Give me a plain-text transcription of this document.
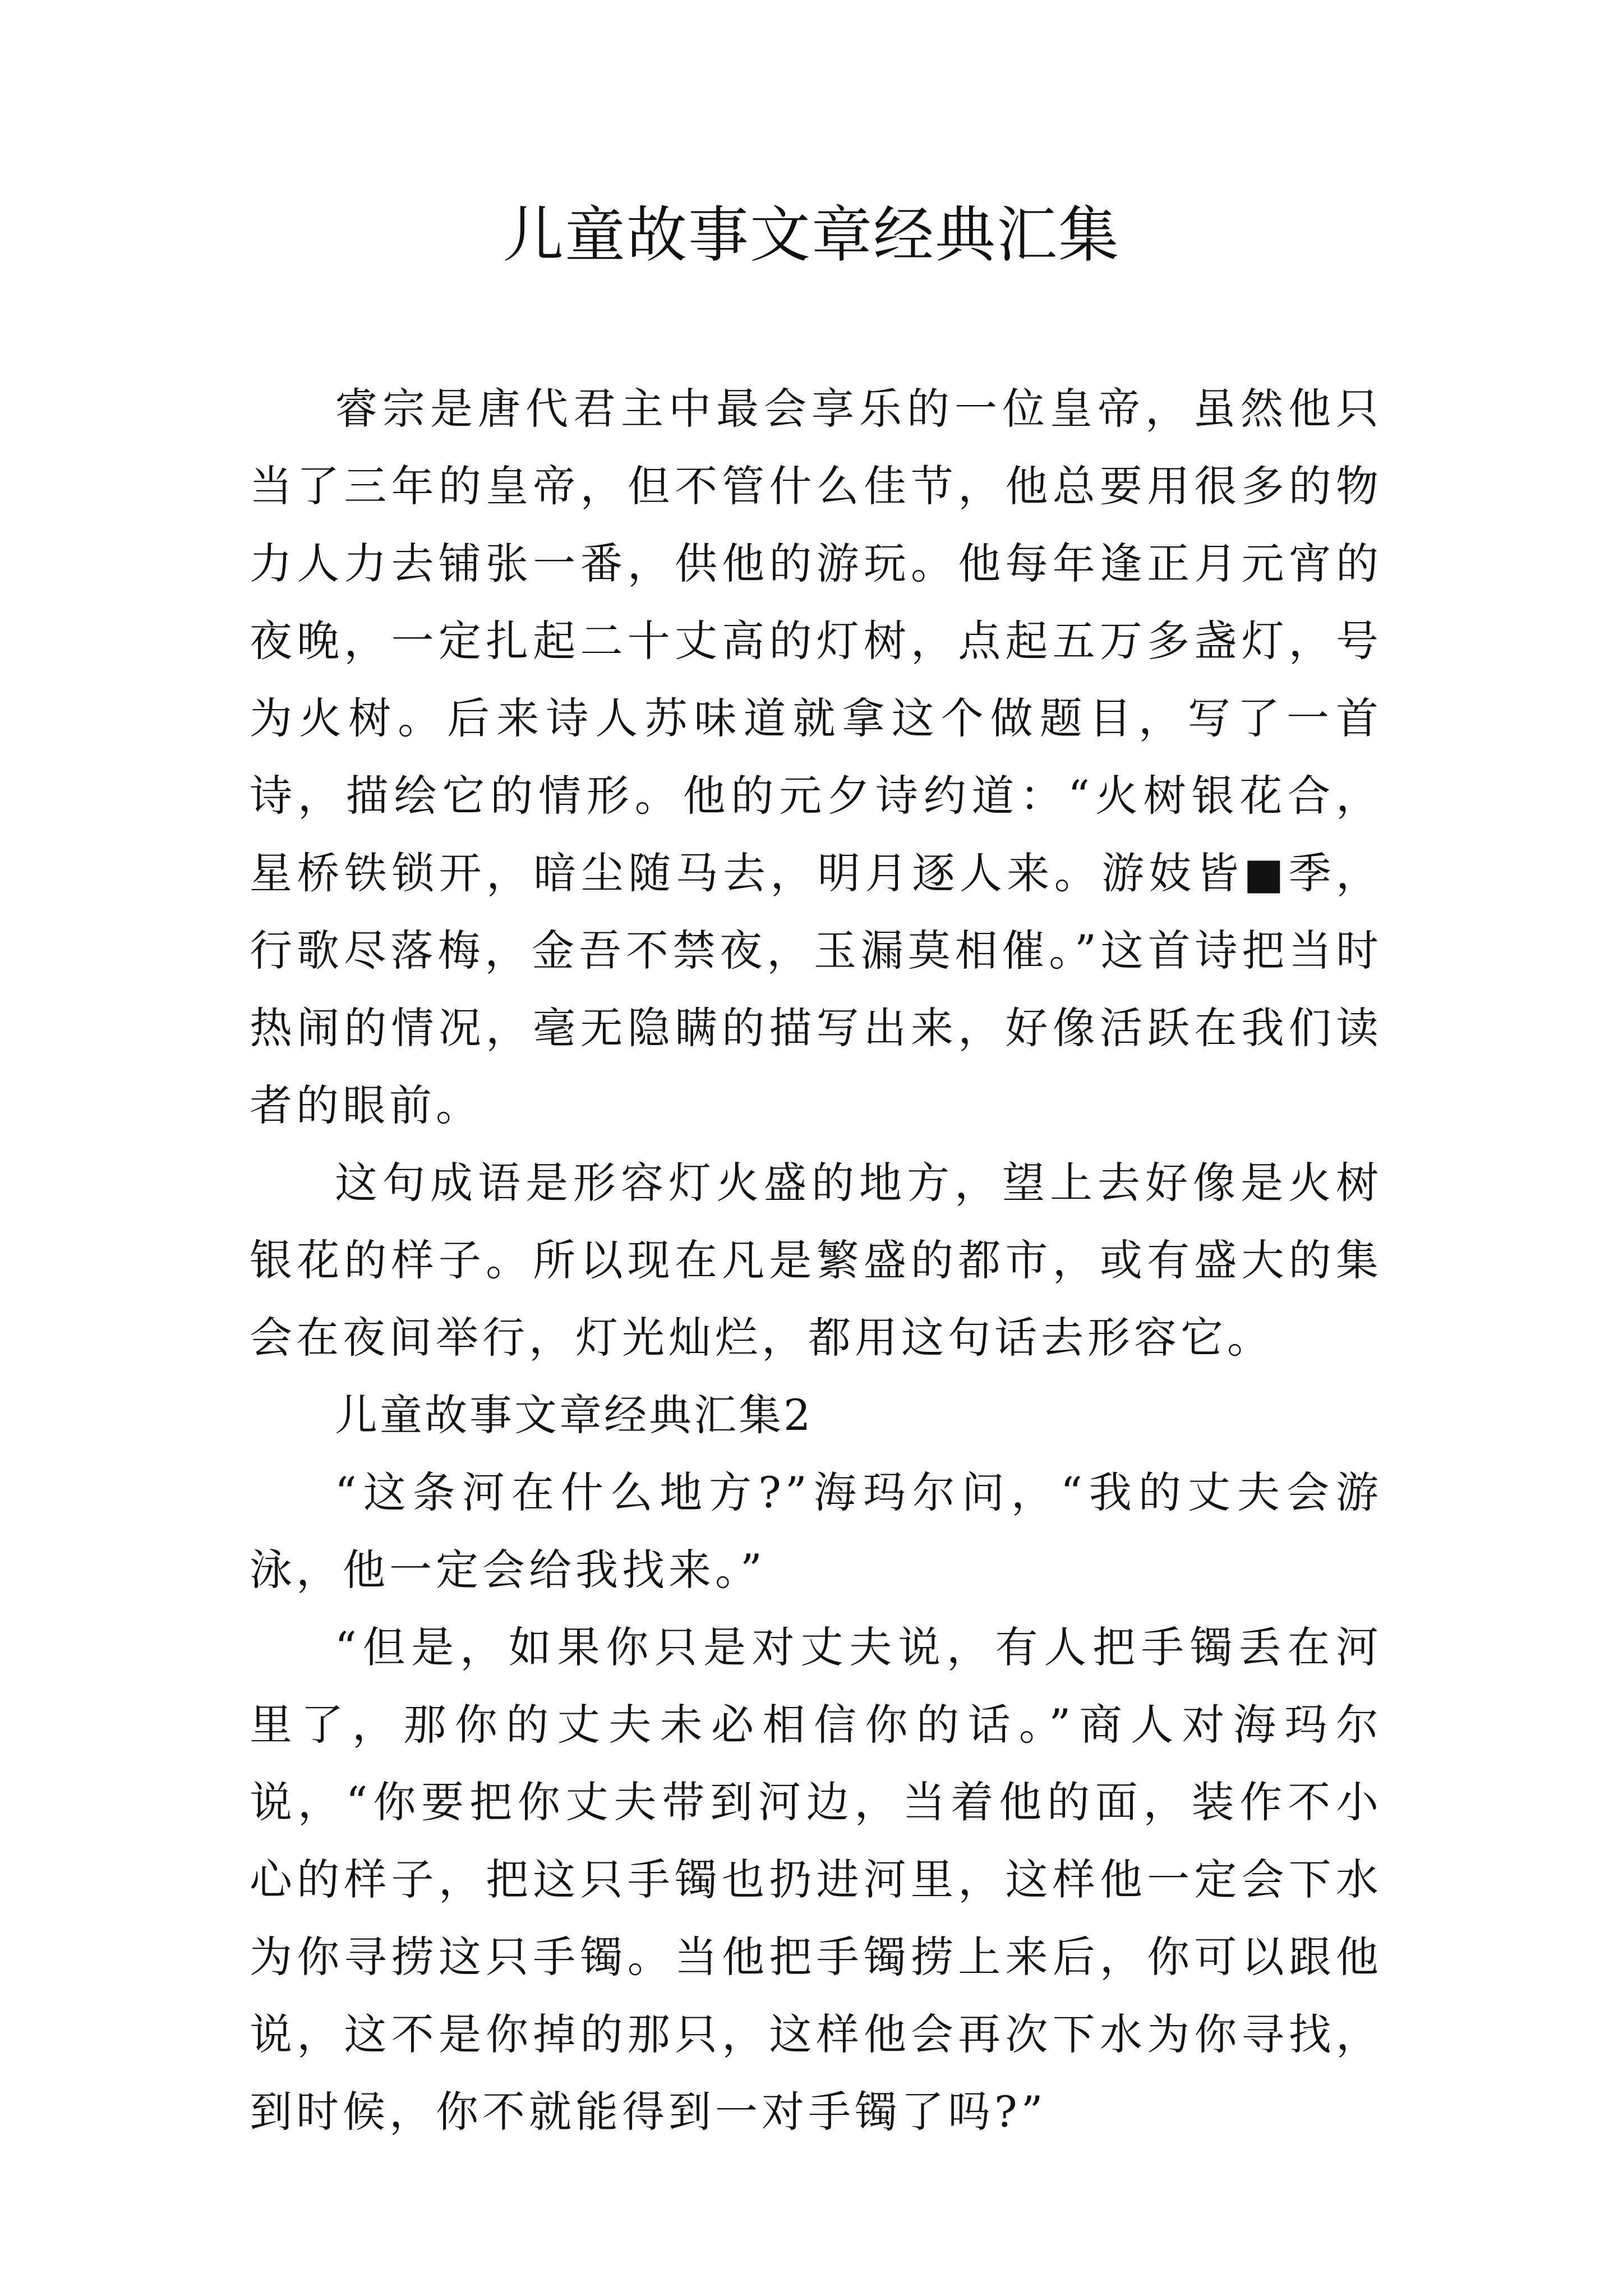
儿童故事文章经典汇集

睿宗是唐代君主中最会享乐的一位皇帝，虽然他只当了三年的皇帝，但不管什么佳节，他总要用很多的物力人力去铺张一番，供他的游玩。他每年逢正月元宵的夜晚，一定扎起二十丈高的灯树，点起五万多盏灯，号为火树。后来诗人苏味道就拿这个做题目，写了一首诗，描绘它的情形。他的元夕诗约道：“火树银花合，星桥铁锁开，暗尘随马去，明月逐人来。游妓皆■季，行歌尽落梅，金吾不禁夜，玉漏莫相催。”这首诗把当时热闹的情况，毫无隐瞒的描写出来，好像活跃在我们读者的眼前。

这句成语是形容灯火盛的地方，望上去好像是火树银花的样子。所以现在凡是繁盛的都市，或有盛大的集会在夜间举行，灯光灿烂，都用这句话去形容它。

儿童故事文章经典汇集2

“这条河在什么地方?”海玛尔问，“我的丈夫会游泳，他一定会给我找来。”

“但是，如果你只是对丈夫说，有人把手镯丢在河里了，那你的丈夫未必相信你的话。”商人对海玛尔说，“你要把你丈夫带到河边，当着他的面，装作不小心的样子，把这只手镯也扔进河里，这样他一定会下水为你寻捞这只手镯。当他把手镯捞上来后，你可以跟他说，这不是你掉的那只，这样他会再次下水为你寻找，到时候，你不就能得到一对手镯了吗?”
